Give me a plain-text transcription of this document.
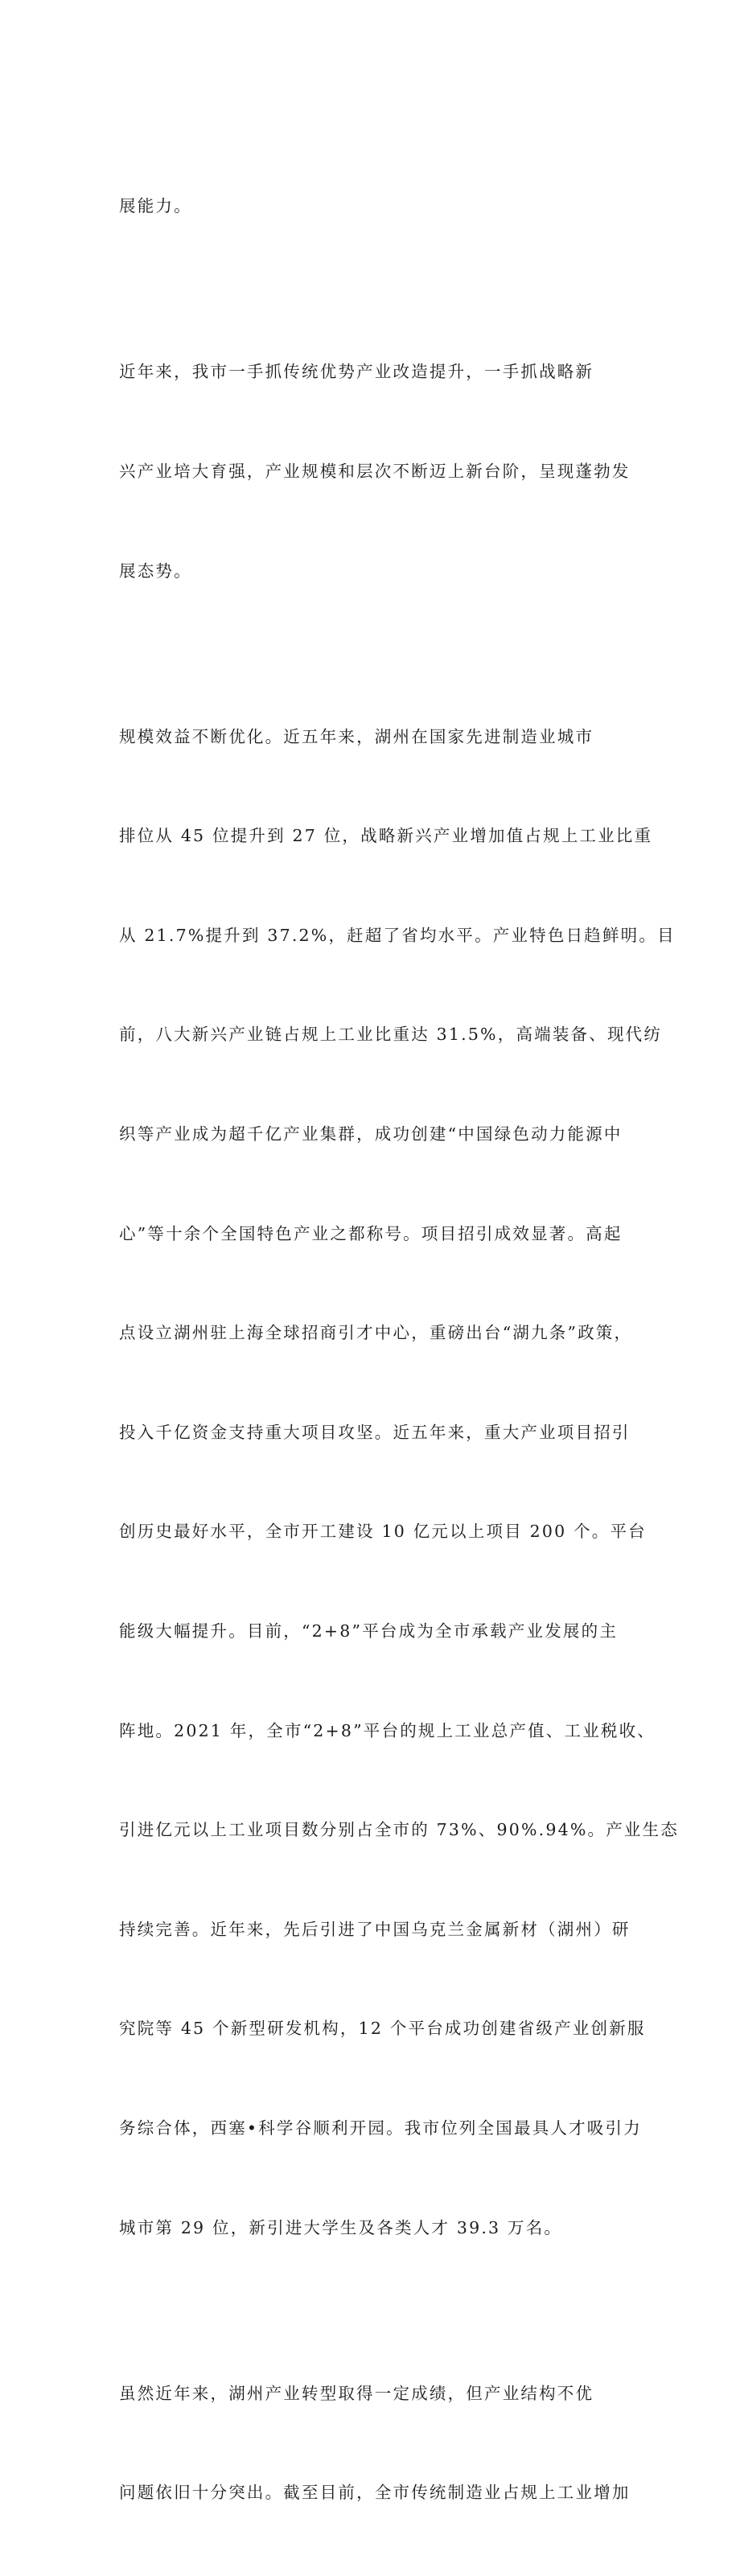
展能力。

近年来，我市一手抓传统优势产业改造提升，一手抓战略新

兴产业培大育强，产业规模和层次不断迈上新台阶，呈现蓬勃发

展态势。

规模效益不断优化。近五年来，湖州在国家先进制造业城市

排位从 45 位提升到 27 位，战略新兴产业增加值占规上工业比重

从 21.7%提升到 37.2%，赶超了省均水平。产业特色日趋鲜明。目

前，八大新兴产业链占规上工业比重达 31.5%，高端装备、现代纺

织等产业成为超千亿产业集群，成功创建“中国绿色动力能源中

心”等十余个全国特色产业之都称号。项目招引成效显著。高起

点设立湖州驻上海全球招商引才中心，重磅出台“湖九条”政策，

投入千亿资金支持重大项目攻坚。近五年来，重大产业项目招引

创历史最好水平，全市开工建设 10 亿元以上项目 200 个。平台

能级大幅提升。目前，“2+8”平台成为全市承载产业发展的主

阵地。2021 年，全市“2+8”平台的规上工业总产值、工业税收、

引进亿元以上工业项目数分别占全市的 73%、90%.94%。产业生态

持续完善。近年来，先后引进了中国乌克兰金属新材（湖州）研

究院等 45 个新型研发机构，12 个平台成功创建省级产业创新服

务综合体，西塞•科学谷顺利开园。我市位列全国最具人才吸引力

城市第 29 位，新引进大学生及各类人才 39.3 万名。

虽然近年来，湖州产业转型取得一定成绩，但产业结构不优

问题依旧十分突出。截至目前，全市传统制造业占规上工业增加
